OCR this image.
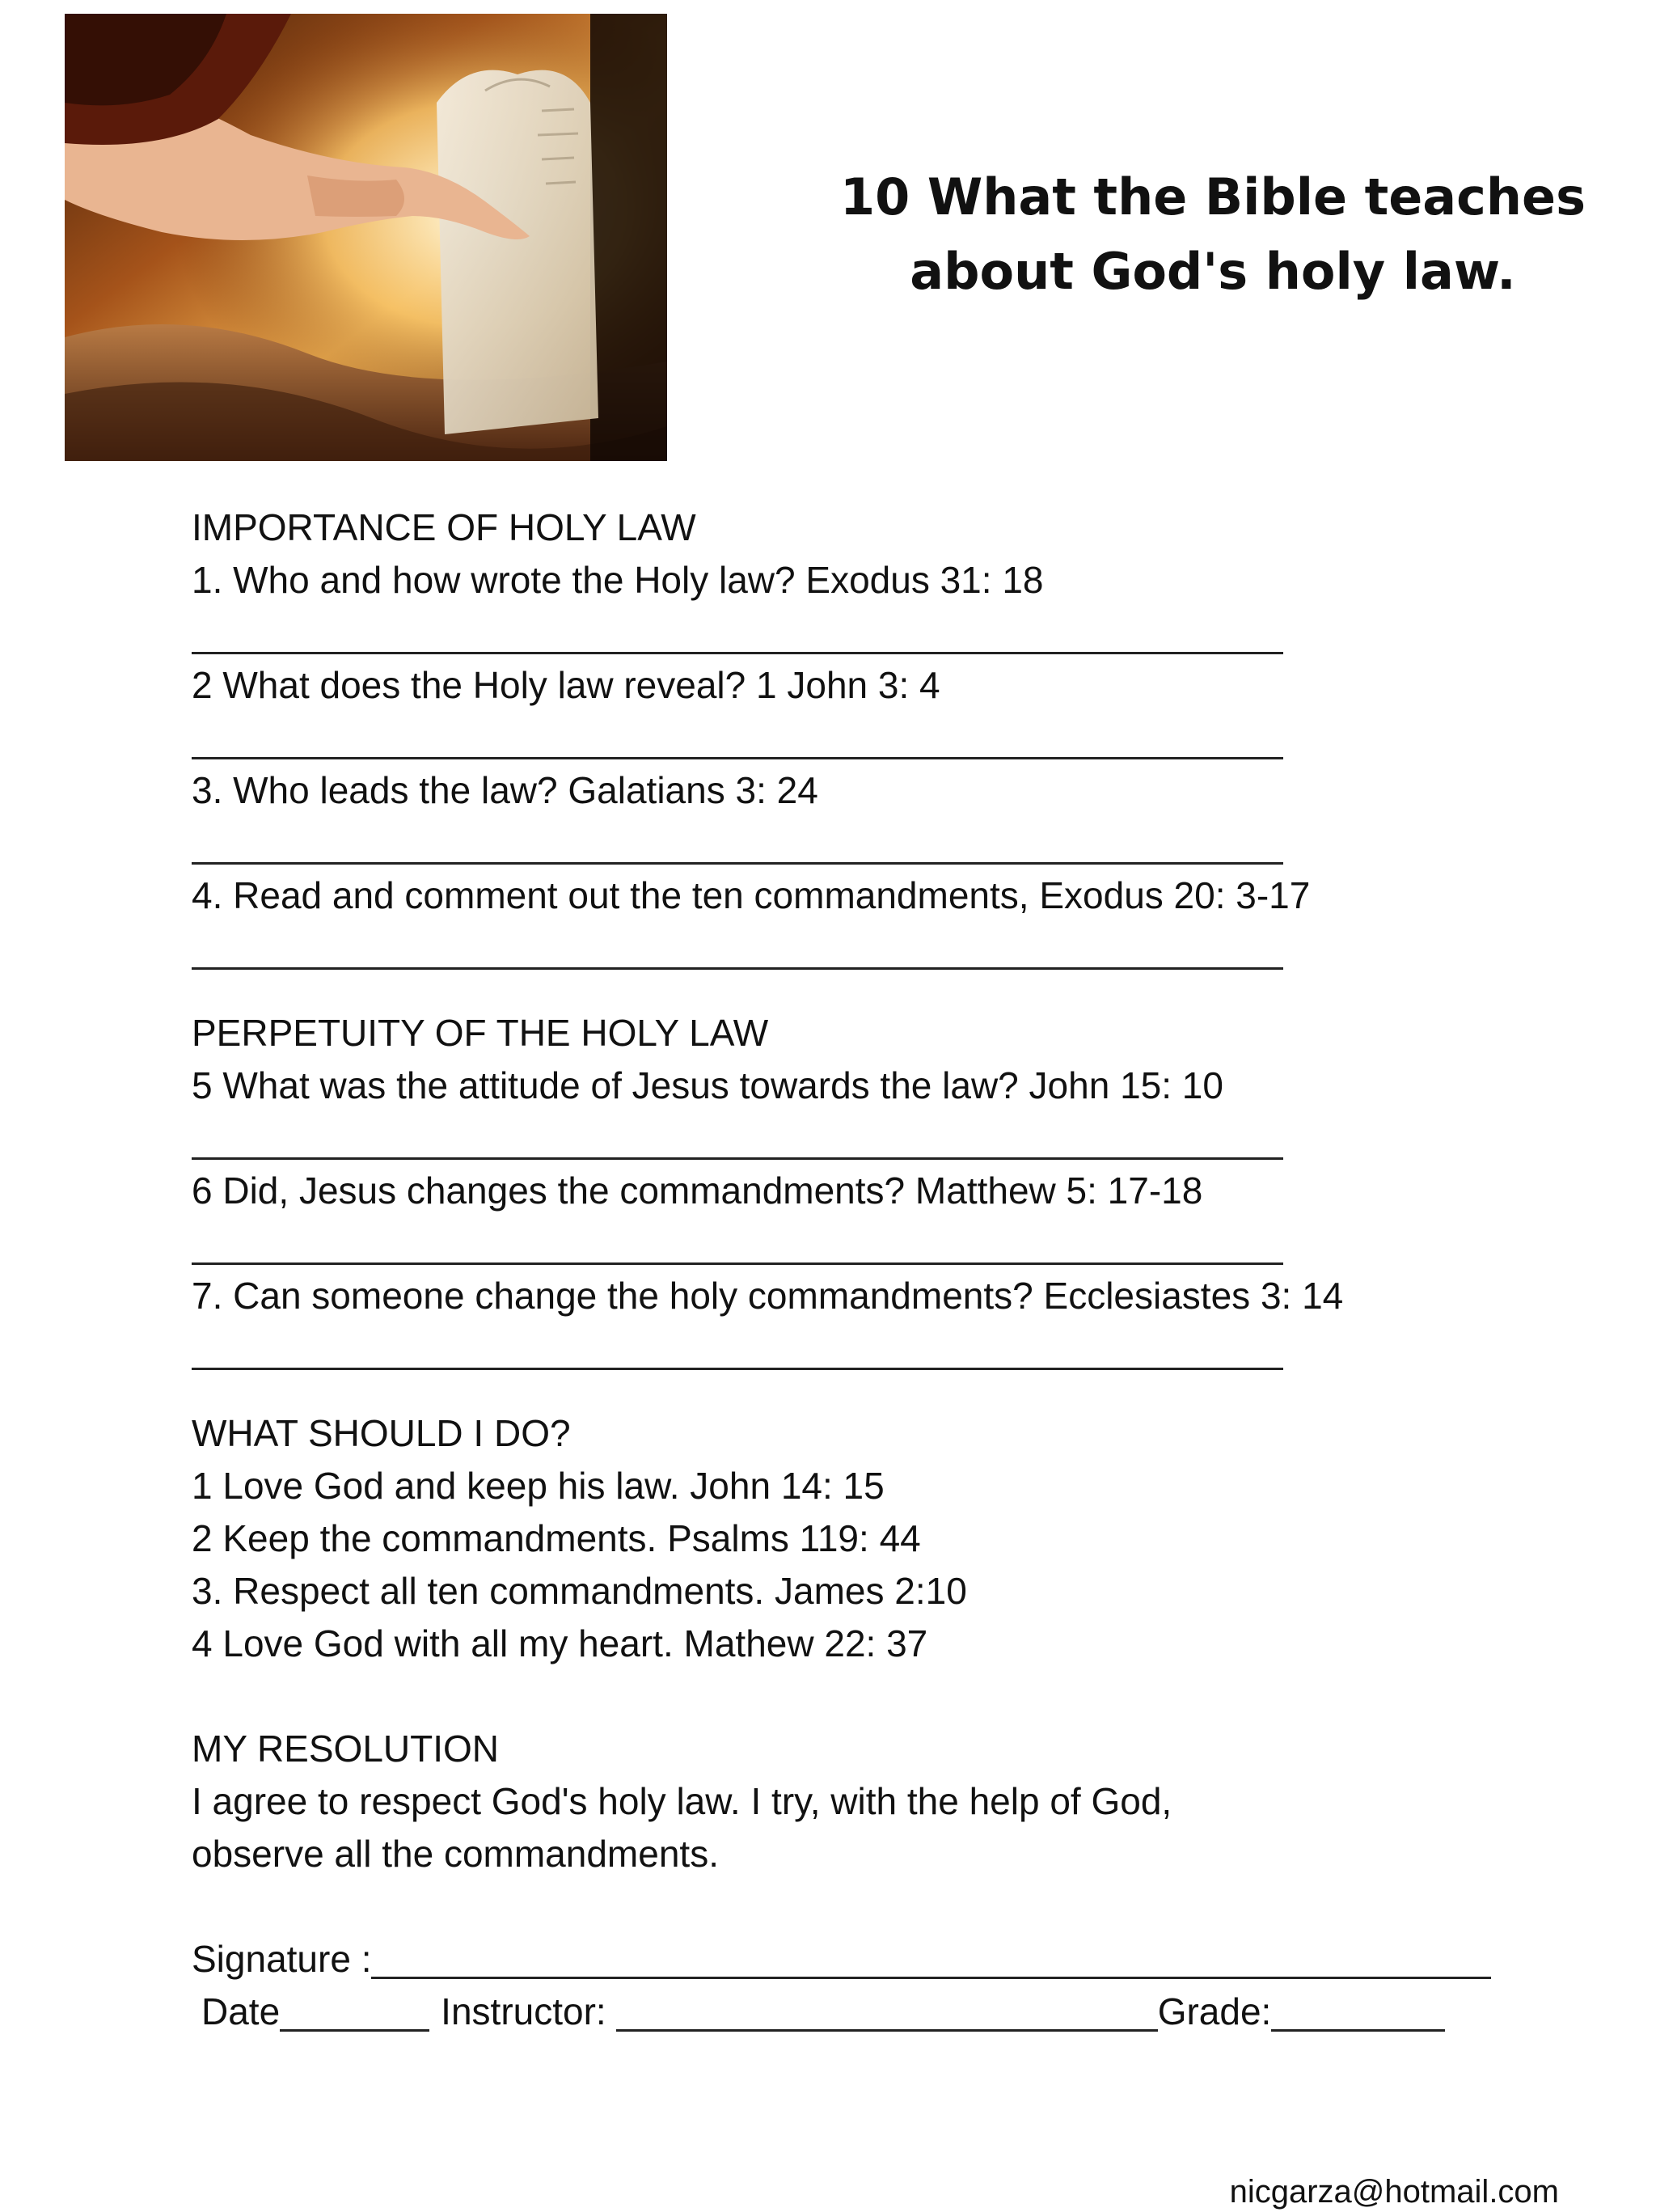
10 What the Bible teaches
about God's holy law.
IMPORTANCE OF HOLY LAW
1. Who and how wrote the Holy law? Exodus 31: 18
2 What does the Holy law reveal? 1 John 3: 4
3. Who leads the law? Galatians 3: 24
4. Read and comment out the ten commandments, Exodus 20: 3-17
PERPETUITY OF THE HOLY LAW
5 What was the attitude of Jesus towards the law? John 15: 10
6 Did, Jesus changes the commandments? Matthew 5: 17-18
7. Can someone change the holy commandments? Ecclesiastes 3: 14
WHAT SHOULD I DO?
1 Love God and keep his law. John 14: 15
2 Keep the commandments. Psalms 119: 44
3. Respect all ten commandments. James 2:10
4 Love God with all my heart. Mathew 22: 37
MY RESOLUTION
I agree to respect God's holy law. I try, with the help of God,
observe all the commandments.
Signature :
Date	Instructor:	Grade:
nicgarza@hotmail.com
